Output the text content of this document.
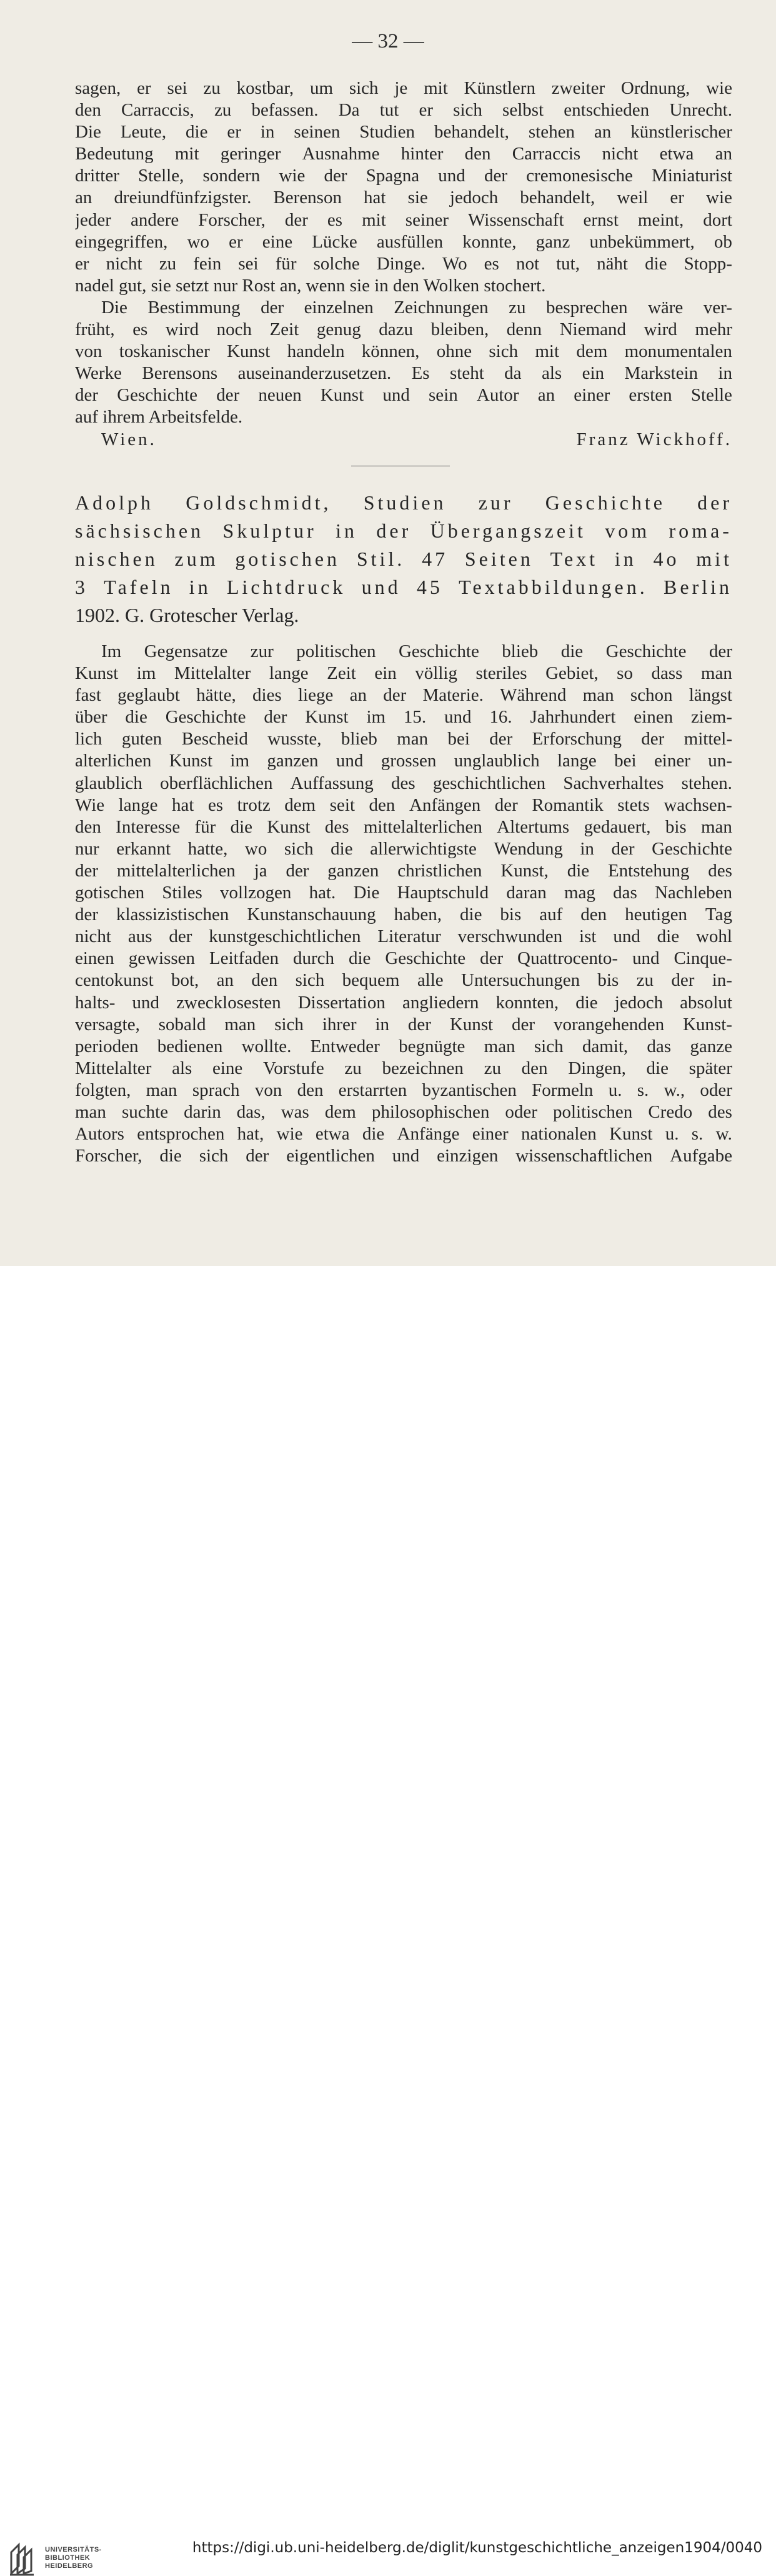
— 32 —
sagen, er sei zu kostbar, um sich je mit Künstlern zweiter Ordnung, wie
den Carraccis, zu befassen. Da tut er sich selbst entschieden Unrecht.
Die Leute, die er in seinen Studien behandelt, stehen an künstlerischer
Bedeutung mit geringer Ausnahme hinter den Carraccis nicht etwa an
dritter Stelle, sondern wie der Spagna und der cremonesische Miniaturist
an dreiundfünfzigster. Berenson hat sie jedoch behandelt, weil er wie
jeder andere Forscher, der es mit seiner Wissenschaft ernst meint, dort
eingegriffen, wo er eine Lücke ausfüllen konnte, ganz unbekümmert, ob
er nicht zu fein sei für solche Dinge. Wo es not tut, näht die Stopp-
nadel gut, sie setzt nur Rost an, wenn sie in den Wolken stochert.
Die Bestimmung der einzelnen Zeichnungen zu besprechen wäre ver-
früht, es wird noch Zeit genug dazu bleiben, denn Niemand wird mehr
von toskanischer Kunst handeln können, ohne sich mit dem monumentalen
Werke Berensons auseinanderzusetzen. Es steht da als ein Markstein in
der Geschichte der neuen Kunst und sein Autor an einer ersten Stelle
auf ihrem Arbeitsfelde.
Wien.	Franz Wickhoff.
Adolph Goldschmidt, Studien zur Geschichte der
sächsischen Skulptur in der Übergangszeit vom roma-
nischen zum gotischen Stil. 47 Seiten Text in 4o mit
3 Tafeln in Lichtdruck und 45 Textabbildungen. Berlin
1902. G. Grotescher Verlag.
Im Gegensatze zur politischen Geschichte blieb die Geschichte der
Kunst im Mittelalter lange Zeit ein völlig steriles Gebiet, so dass man
fast geglaubt hätte, dies liege an der Materie. Während man schon längst
über die Geschichte der Kunst im 15. und 16. Jahrhundert einen ziem-
lich guten Bescheid wusste, blieb man bei der Erforschung der mittel-
alterlichen Kunst im ganzen und grossen unglaublich lange bei einer un-
glaublich oberflächlichen Auffassung des geschichtlichen Sachverhaltes stehen.
Wie lange hat es trotz dem seit den Anfängen der Romantik stets wachsen-
den Interesse für die Kunst des mittelalterlichen Altertums gedauert, bis man
nur erkannt hatte, wo sich die allerwichtigste Wendung in der Geschichte
der mittelalterlichen ja der ganzen christlichen Kunst, die Entstehung des
gotischen Stiles vollzogen hat. Die Hauptschuld daran mag das Nachleben
der klassizistischen Kunstanschauung haben, die bis auf den heutigen Tag
nicht aus der kunstgeschichtlichen Literatur verschwunden ist und die wohl
einen gewissen Leitfaden durch die Geschichte der Quattrocento- und Cinque-
centokunst bot, an den sich bequem alle Untersuchungen bis zu der in-
halts- und zwecklosesten Dissertation angliedern konnten, die jedoch absolut
versagte, sobald man sich ihrer in der Kunst der vorangehenden Kunst-
perioden bedienen wollte. Entweder begnügte man sich damit, das ganze
Mittelalter als eine Vorstufe zu bezeichnen zu den Dingen, die später
folgten, man sprach von den erstarrten byzantischen Formeln u. s. w., oder
man suchte darin das, was dem philosophischen oder politischen Credo des
Autors entsprochen hat, wie etwa die Anfänge einer nationalen Kunst u. s. w.
Forscher, die sich der eigentlichen und einzigen wissenschaftlichen Aufgabe
UNIVERSITÄTS-
BIBLIOTHEK
HEIDELBERG
https://digi.ub.uni-heidelberg.de/diglit/kunstgeschichtliche_anzeigen1904/0040
